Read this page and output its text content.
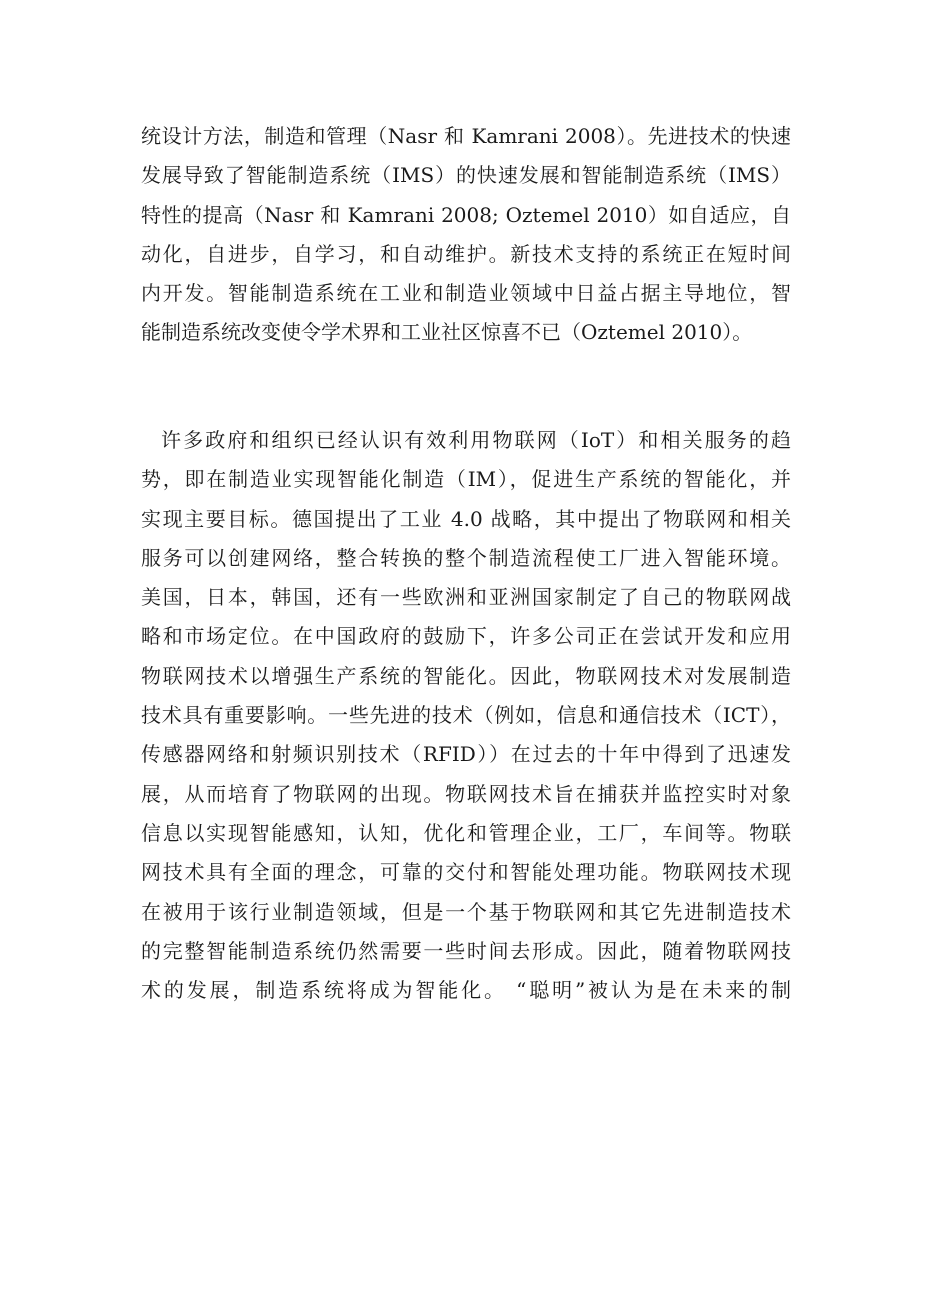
统设计方法，制造和管理（Nasr 和 Kamrani 2008）。先进技术的快速
发展导致了智能制造系统（IMS）的快速发展和智能制造系统（IMS）
特性的提高（Nasr 和 Kamrani 2008; Oztemel 2010）如自适应，自
动化，自进步，自学习，和自动维护。新技术支持的系统正在短时间
内开发。智能制造系统在工业和制造业领域中日益占据主导地位，智
能制造系统改变使令学术界和工业社区惊喜不已（Oztemel 2010）。
许多政府和组织已经认识有效利用物联网（IoT）和相关服务的趋
势，即在制造业实现智能化制造（IM），促进生产系统的智能化，并
实现主要目标。德国提出了工业 4.0 战略，其中提出了物联网和相关
服务可以创建网络，整合转换的整个制造流程使工厂进入智能环境。
美国，日本，韩国，还有一些欧洲和亚洲国家制定了自己的物联网战
略和市场定位。在中国政府的鼓励下，许多公司正在尝试开发和应用
物联网技术以增强生产系统的智能化。因此，物联网技术对发展制造
技术具有重要影响。一些先进的技术（例如，信息和通信技术（ICT），
传感器网络和射频识别技术（RFID））在过去的十年中得到了迅速发
展，从而培育了物联网的出现。物联网技术旨在捕获并监控实时对象
信息以实现智能感知，认知，优化和管理企业，工厂，车间等。物联
网技术具有全面的理念，可靠的交付和智能处理功能。物联网技术现
在被用于该行业制造领域，但是一个基于物联网和其它先进制造技术
的完整智能制造系统仍然需要一些时间去形成。因此，随着物联网技
术的发展，制造系统将成为智能化。 “聪明”被认为是在未来的制
